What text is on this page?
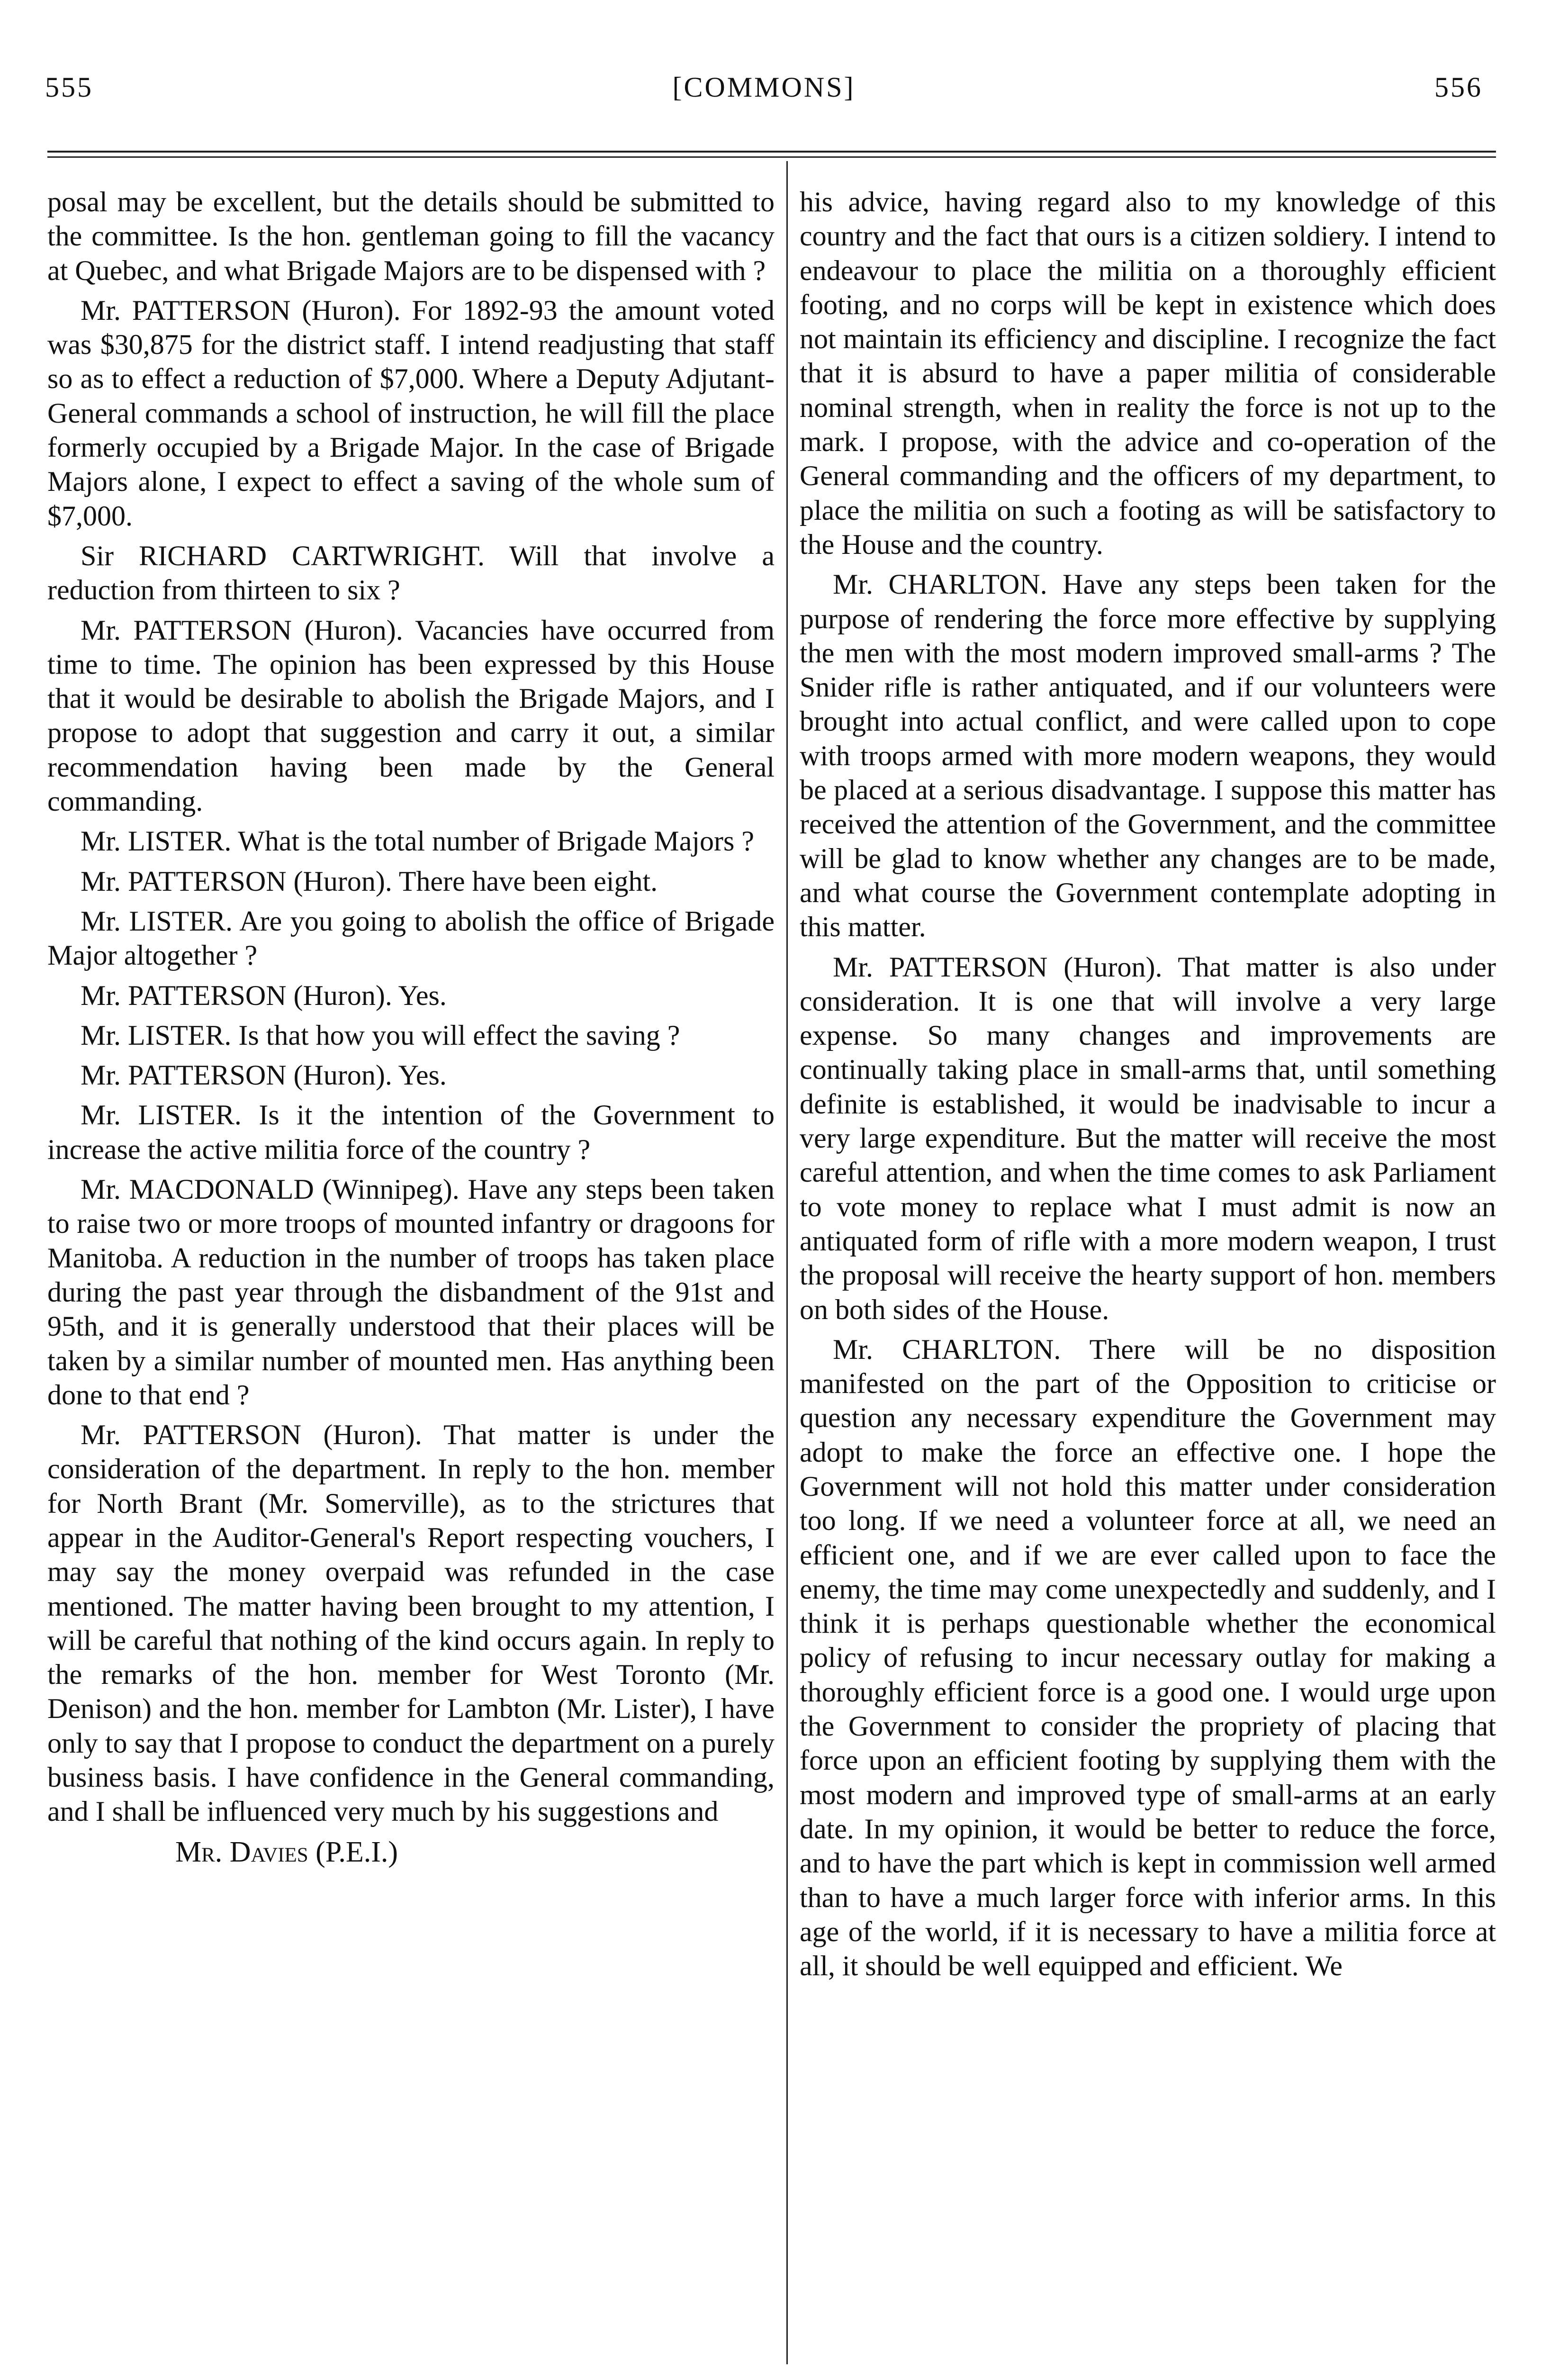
555	[COMMONS]	556

posal may be excellent, but the details should be submitted to the committee. Is the hon. gentleman going to fill the vacancy at Quebec, and what Brigade Majors are to be dispensed with ?

Mr. PATTERSON (Huron). For 1892-93 the amount voted was $30,875 for the district staff. I intend readjusting that staff so as to effect a reduction of $7,000. Where a Deputy Adjutant-General commands a school of instruction, he will fill the place formerly occupied by a Brigade Major. In the case of Brigade Majors alone, I expect to effect a saving of the whole sum of $7,000.

Sir RICHARD CARTWRIGHT. Will that involve a reduction from thirteen to six ?

Mr. PATTERSON (Huron). Vacancies have occurred from time to time. The opinion has been expressed by this House that it would be desirable to abolish the Brigade Majors, and I propose to adopt that suggestion and carry it out, a similar recommendation having been made by the General commanding.

Mr. LISTER. What is the total number of Brigade Majors ?

Mr. PATTERSON (Huron). There have been eight.

Mr. LISTER. Are you going to abolish the office of Brigade Major altogether ?

Mr. PATTERSON (Huron). Yes.

Mr. LISTER. Is that how you will effect the saving ?

Mr. PATTERSON (Huron). Yes.

Mr. LISTER. Is it the intention of the Government to increase the active militia force of the country ?

Mr. MACDONALD (Winnipeg). Have any steps been taken to raise two or more troops of mounted infantry or dragoons for Manitoba. A reduction in the number of troops has taken place during the past year through the disbandment of the 91st and 95th, and it is generally understood that their places will be taken by a similar number of mounted men. Has anything been done to that end ?

Mr. PATTERSON (Huron). That matter is under the consideration of the department. In reply to the hon. member for North Brant (Mr. Somerville), as to the strictures that appear in the Auditor-General's Report respecting vouchers, I may say the money overpaid was refunded in the case mentioned. The matter having been brought to my attention, I will be careful that nothing of the kind occurs again. In reply to the remarks of the hon. member for West Toronto (Mr. Denison) and the hon. member for Lambton (Mr. Lister), I have only to say that I propose to conduct the department on a purely business basis. I have confidence in the General commanding, and I shall be influenced very much by his suggestions and

Mr. Davies (P.E.I.)

his advice, having regard also to my knowledge of this country and the fact that ours is a citizen soldiery. I intend to endeavour to place the militia on a thoroughly efficient footing, and no corps will be kept in existence which does not maintain its efficiency and discipline. I recognize the fact that it is absurd to have a paper militia of considerable nominal strength, when in reality the force is not up to the mark. I propose, with the advice and co-operation of the General commanding and the officers of my department, to place the militia on such a footing as will be satisfactory to the House and the country.

Mr. CHARLTON. Have any steps been taken for the purpose of rendering the force more effective by supplying the men with the most modern improved small-arms ? The Snider rifle is rather antiquated, and if our volunteers were brought into actual conflict, and were called upon to cope with troops armed with more modern weapons, they would be placed at a serious disadvantage. I suppose this matter has received the attention of the Government, and the committee will be glad to know whether any changes are to be made, and what course the Government contemplate adopting in this matter.

Mr. PATTERSON (Huron). That matter is also under consideration. It is one that will involve a very large expense. So many changes and improvements are continually taking place in small-arms that, until something definite is established, it would be inadvisable to incur a very large expenditure. But the matter will receive the most careful attention, and when the time comes to ask Parliament to vote money to replace what I must admit is now an antiquated form of rifle with a more modern weapon, I trust the proposal will receive the hearty support of hon. members on both sides of the House.

Mr. CHARLTON. There will be no disposition manifested on the part of the Opposition to criticise or question any necessary expenditure the Government may adopt to make the force an effective one. I hope the Government will not hold this matter under consideration too long. If we need a volunteer force at all, we need an efficient one, and if we are ever called upon to face the enemy, the time may come unexpectedly and suddenly, and I think it is perhaps questionable whether the economical policy of refusing to incur necessary outlay for making a thoroughly efficient force is a good one. I would urge upon the Government to consider the propriety of placing that force upon an efficient footing by supplying them with the most modern and improved type of small-arms at an early date. In my opinion, it would be better to reduce the force, and to have the part which is kept in commission well armed than to have a much larger force with inferior arms. In this age of the world, if it is necessary to have a militia force at all, it should be well equipped and efficient. We
